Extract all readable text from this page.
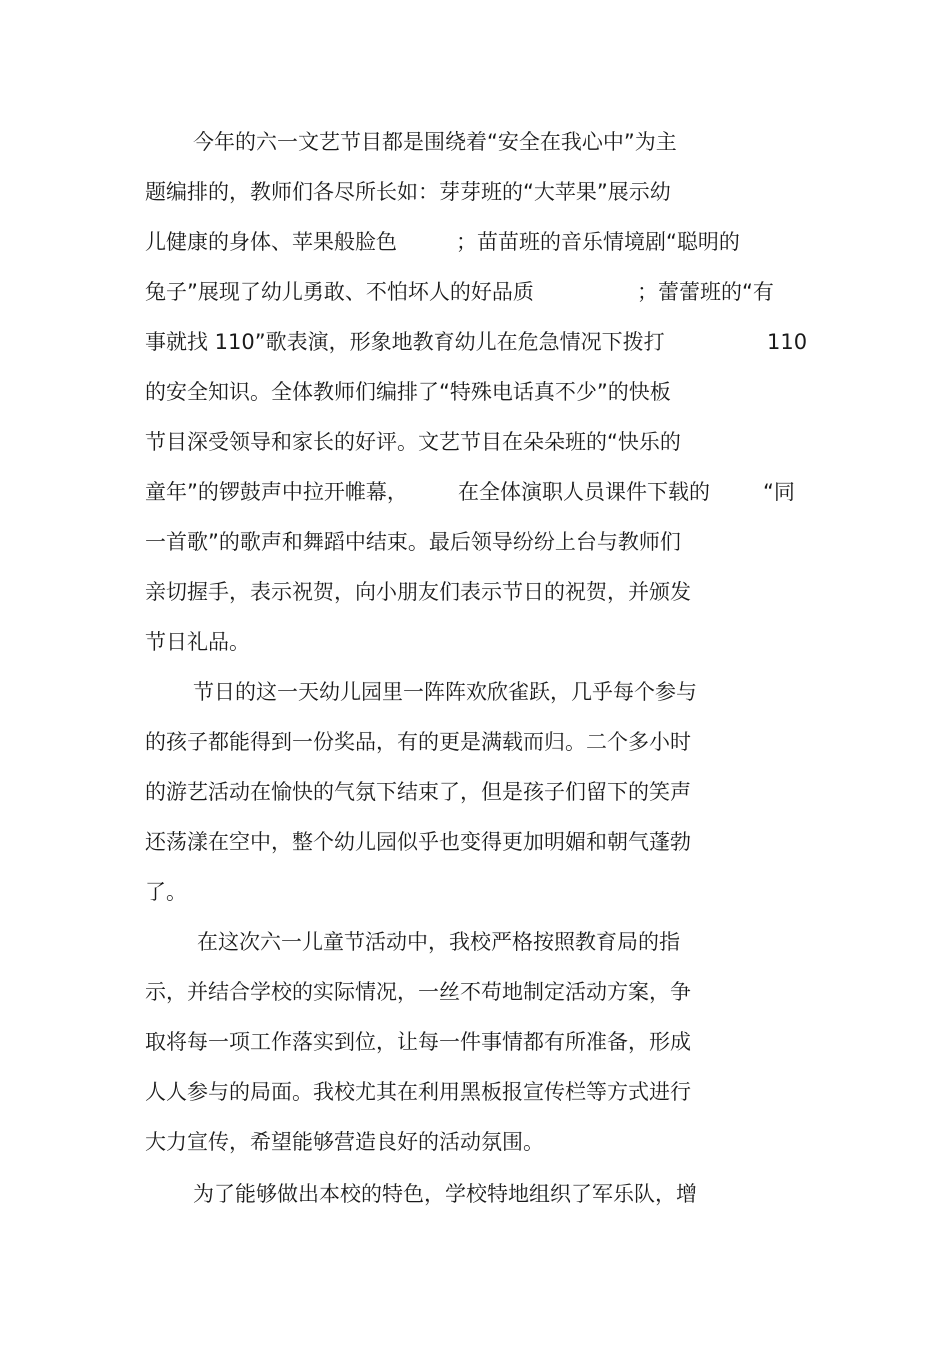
今年的六一文艺节目都是围绕着“安全在我心中”为主
题编排的，教师们各尽所长如：芽芽班的“大苹果”展示幼
儿健康的身体、苹果般脸色	；苗苗班的音乐情境剧“聪明的
兔子”展现了幼儿勇敢、不怕坏人的好品质	；蕾蕾班的“有
事就找 110”歌表演，形象地教育幼儿在危急情况下拨打	110
的安全知识。全体教师们编排了“特殊电话真不少”的快板
节目深受领导和家长的好评。文艺节目在朵朵班的“快乐的
童年”的锣鼓声中拉开帷幕， 在全体演职人员课件下载的	“同
一首歌”的歌声和舞蹈中结束。最后领导纷纷上台与教师们
亲切握手，表示祝贺，向小朋友们表示节日的祝贺，并颁发
节日礼品。
节日的这一天幼儿园里一阵阵欢欣雀跃，几乎每个参与
的孩子都能得到一份奖品，有的更是满载而归。二个多小时
的游艺活动在愉快的气氛下结束了，但是孩子们留下的笑声
还荡漾在空中，整个幼儿园似乎也变得更加明媚和朝气蓬勃
了。
在这次六一儿童节活动中，我校严格按照教育局的指
示，并结合学校的实际情况，一丝不苟地制定活动方案，争
取将每一项工作落实到位，让每一件事情都有所准备，形成
人人参与的局面。我校尤其在利用黑板报宣传栏等方式进行
大力宣传，希望能够营造良好的活动氛围。
为了能够做出本校的特色，学校特地组织了军乐队，增
